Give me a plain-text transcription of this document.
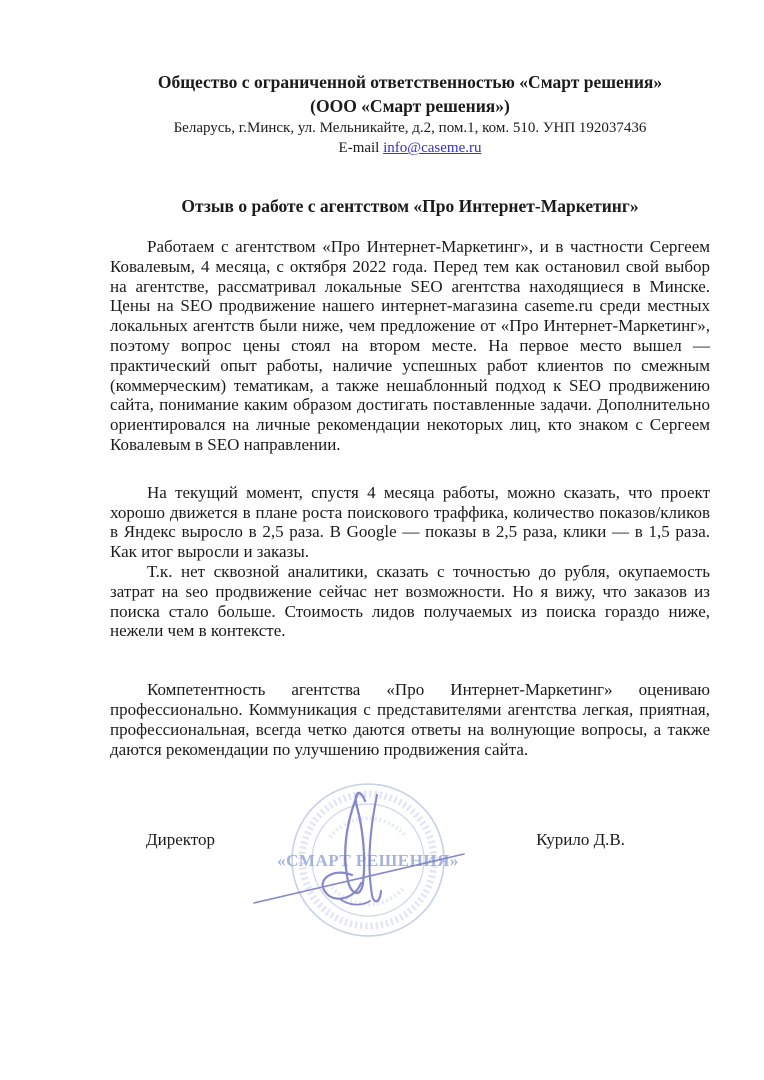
Общество с ограниченной ответственностью «Смарт решения»
(ООО «Смарт решения»)
Беларусь, г.Минск, ул. Мельникайте, д.2, пом.1, ком. 510. УНП 192037436
E-mail info@caseme.ru
Отзыв о работе с агентством «Про Интернет-Маркетинг»

Работаем с агентством «Про Интернет-Маркетинг», и в частности Сергеем Ковалевым, 4 месяца, с октября 2022 года. Перед тем как остановил свой выбор на агентстве, рассматривал локальные SEO агентства находящиеся в Минске. Цены на SEO продвижение нашего интернет-магазина caseme.ru среди местных локальных агентств были ниже, чем предложение от «Про Интернет-Маркетинг», поэтому вопрос цены стоял на втором месте. На первое место вышел — практический опыт работы, наличие успешных работ клиентов по смежным (коммерческим) тематикам, а также нешаблонный подход к SEO продвижению сайта, понимание каким образом достигать поставленные задачи. Дополнительно ориентировался на личные рекомендации некоторых лиц, кто знаком с Сергеем Ковалевым в SEO направлении.

На текущий момент, спустя 4 месяца работы, можно сказать, что проект хорошо движется в плане роста поискового траффика, количество показов/кликов в Яндекс выросло в 2,5 раза. В Google — показы в 2,5 раза, клики — в 1,5 раза. Как итог выросли и заказы.

Т.к. нет сквозной аналитики, сказать с точностью до рубля, окупаемость затрат на seo продвижение сейчас нет возможности. Но я вижу, что заказов из поиска стало больше. Стоимость лидов получаемых из поиска гораздо ниже, нежели чем в контексте.

Компетентность агентства «Про Интернет-Маркетинг» оцениваю профессионально. Коммуникация с представителями агентства легкая, приятная, профессиональная, всегда четко даются ответы на волнующие вопросы, а также даются рекомендации по улучшению продвижения сайта.

Директор	Курило Д.В.
«СМАРТ РЕШЕНИЯ»
